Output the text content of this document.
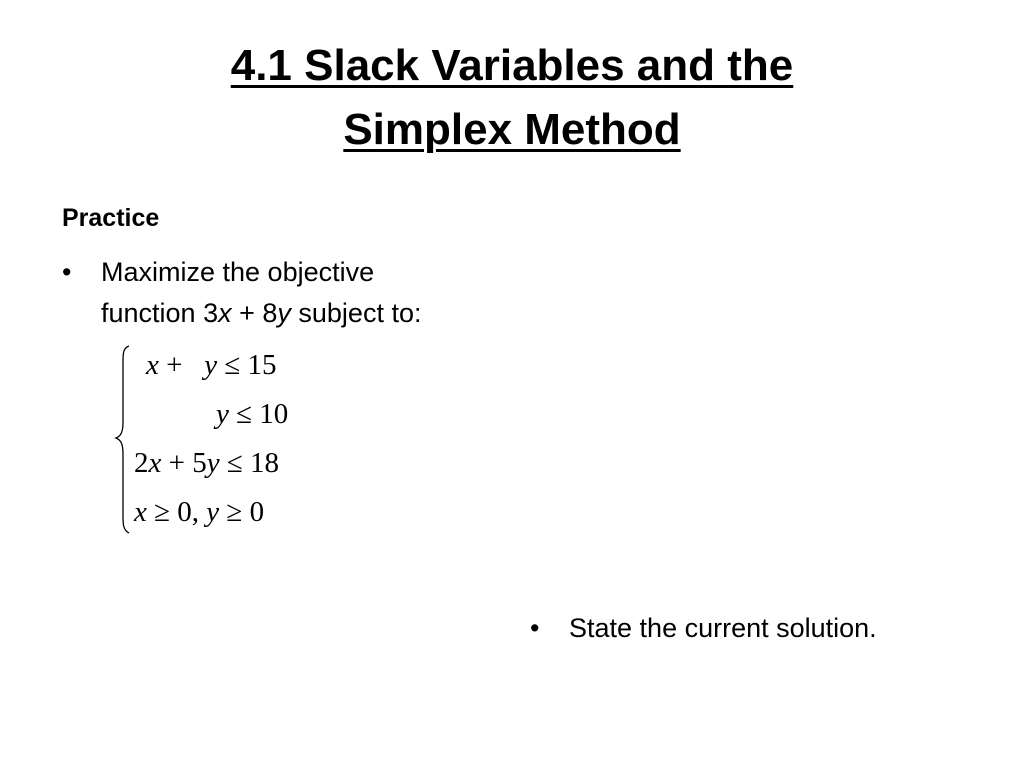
4.1 Slack Variables and the
Simplex Method
Practice
•	Maximize the objective
function 3x + 8y subject to:
x + y ≤ 15
y ≤ 10
2x + 5y ≤ 18
x ≥ 0, y ≥ 0
•	State the current solution.
